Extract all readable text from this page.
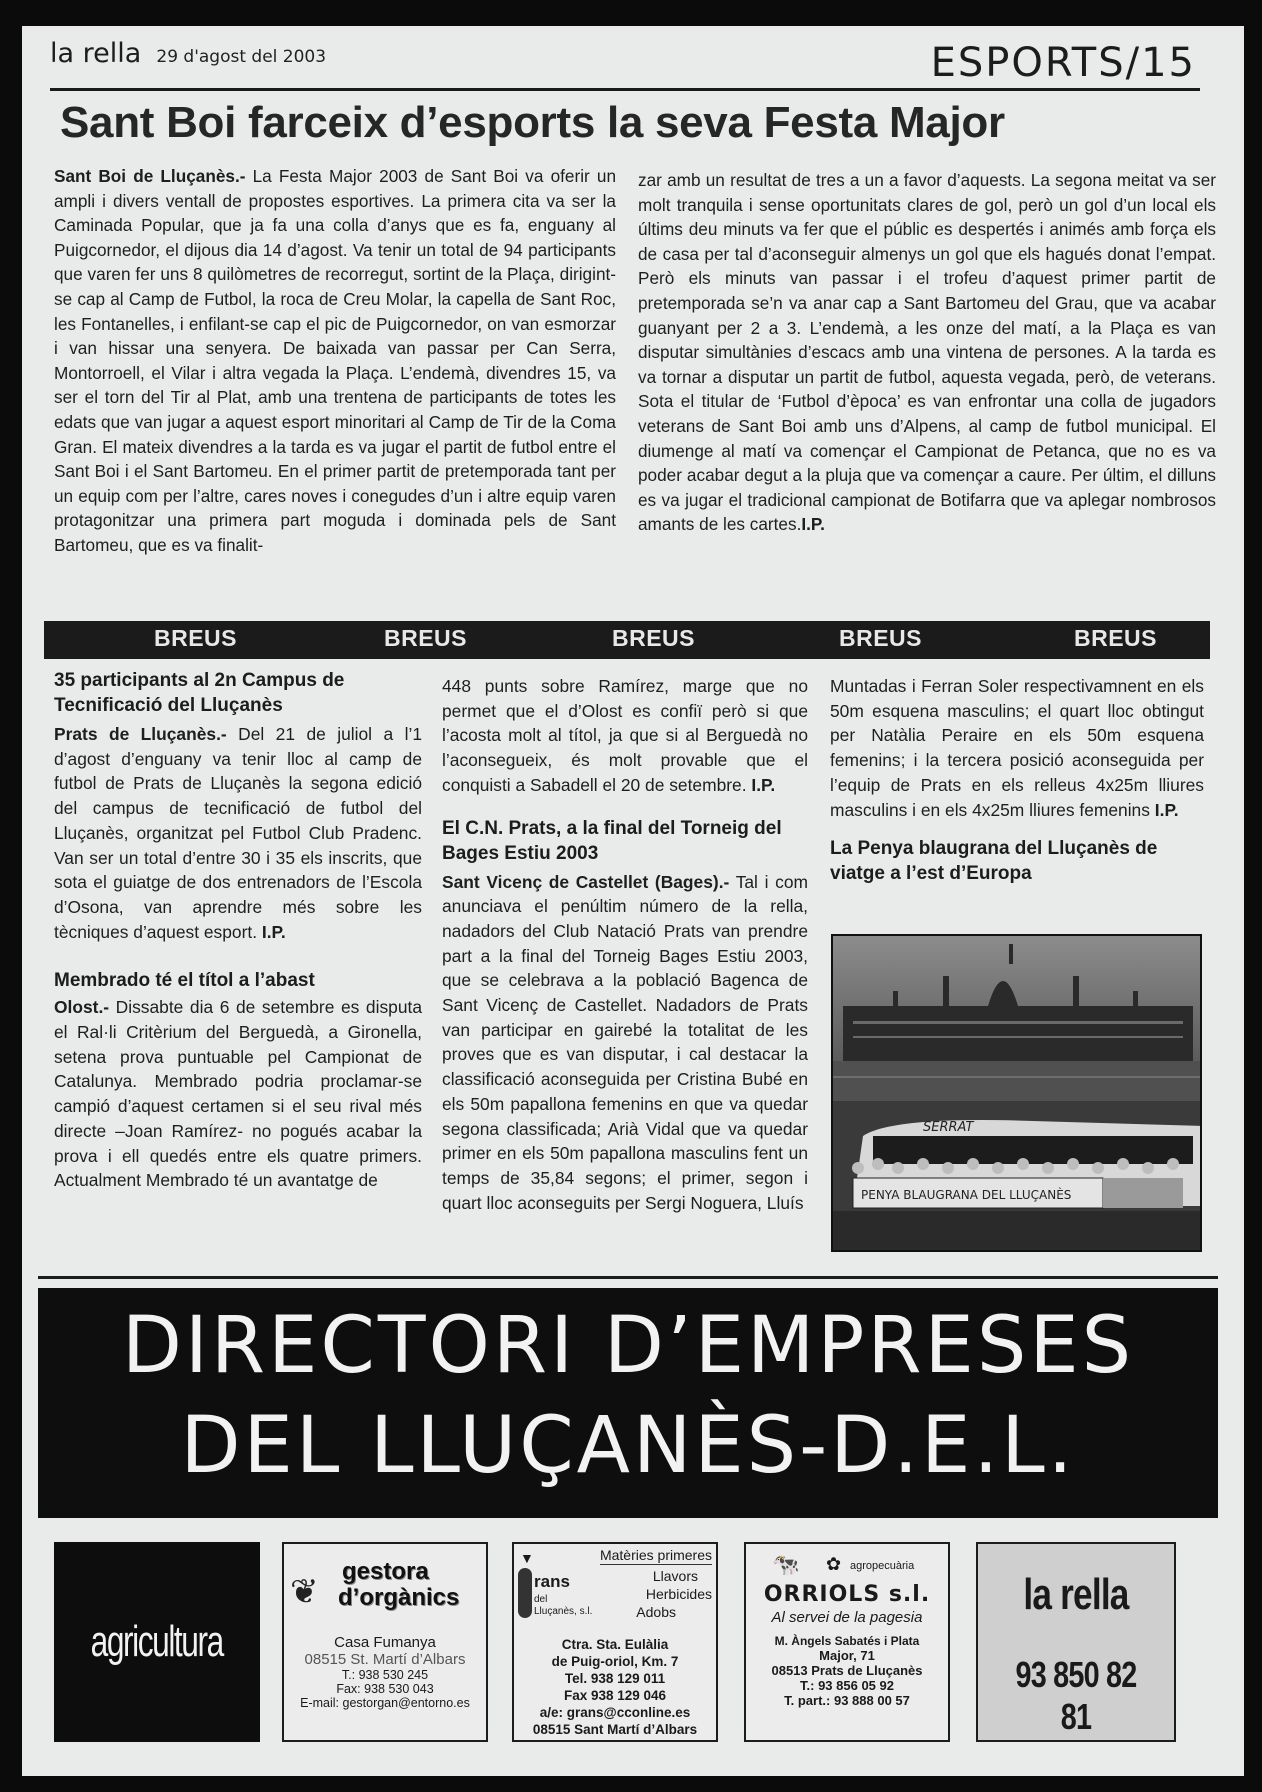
la rella 29 d'agost del 2003	ESPORTS/15
Sant Boi farceix d’esports la seva Festa Major

Sant Boi de Lluçanès.- La Festa Major 2003 de Sant Boi va oferir un ampli i divers ventall de propostes esportives. La primera cita va ser la Caminada Popular, que ja fa una colla d’anys que es fa, enguany al Puigcornedor, el dijous dia 14 d’agost. Va tenir un total de 94 participants que varen fer uns 8 quilòmetres de recorregut, sortint de la Plaça, dirigint-se cap al Camp de Futbol, la roca de Creu Molar, la capella de Sant Roc, les Fontanelles, i enfilant-se cap el pic de Puigcornedor, on van esmorzar i van hissar una senyera. De baixada van passar per Can Serra, Montorroell, el Vilar i altra vegada la Plaça. L’endemà, divendres 15, va ser el torn del Tir al Plat, amb una trentena de participants de totes les edats que van jugar a aquest esport minoritari al Camp de Tir de la Coma Gran. El mateix divendres a la tarda es va jugar el partit de futbol entre el Sant Boi i el Sant Bartomeu. En el primer partit de pretemporada tant per un equip com per l’altre, cares noves i conegudes d’un i altre equip varen protagonitzar una primera part moguda i dominada pels de Sant Bartomeu, que es va finalit-

zar amb un resultat de tres a un a favor d’aquests. La segona meitat va ser molt tranquila i sense oportunitats clares de gol, però un gol d’un local els últims deu minuts va fer que el públic es despertés i animés amb força els de casa per tal d’aconseguir almenys un gol que els hagués donat l’empat. Però els minuts van passar i el trofeu d’aquest primer partit de pretemporada se’n va anar cap a Sant Bartomeu del Grau, que va acabar guanyant per 2 a 3. L’endemà, a les onze del matí, a la Plaça es van disputar simultànies d’escacs amb una vintena de persones. A la tarda es va tornar a disputar un partit de futbol, aquesta vegada, però, de veterans. Sota el titular de ‘Futbol d’època’ es van enfrontar una colla de jugadors veterans de Sant Boi amb uns d’Alpens, al camp de futbol municipal. El diumenge al matí va començar el Campionat de Petanca, que no es va poder acabar degut a la pluja que va començar a caure. Per últim, el dilluns es va jugar el tradicional campionat de Botifarra que va aplegar nombrosos amants de les cartes.I.P.

BREUS	BREUS	BREUS	BREUS	BREUS
35 participants al 2n Campus de Tecnificació del Lluçanès

Prats de Lluçanès.- Del 21 de juliol a l’1 d’agost d’enguany va tenir lloc al camp de futbol de Prats de Lluçanès la segona edició del campus de tecnificació de futbol del Lluçanès, organitzat pel Futbol Club Pradenc. Van ser un total d’entre 30 i 35 els inscrits, que sota el guiatge de dos entrenadors de l’Escola d’Osona, van aprendre més sobre les tècniques d’aquest esport. I.P.

Membrado té el títol a l’abast

Olost.- Dissabte dia 6 de setembre es disputa el Ral·li Critèrium del Berguedà, a Gironella, setena prova puntuable pel Campionat de Catalunya. Membrado podria proclamar-se campió d’aquest certamen si el seu rival més directe –Joan Ramírez- no pogués acabar la prova i ell quedés entre els quatre primers. Actualment Membrado té un avantatge de

448 punts sobre Ramírez, marge que no permet que el d’Olost es confiï però si que l’acosta molt al títol, ja que si al Berguedà no l’aconsegueix, és molt provable que el conquisti a Sabadell el 20 de setembre. I.P.

El C.N. Prats, a la final del Torneig del Bages Estiu 2003

Sant Vicenç de Castellet (Bages).- Tal i com anunciava el penúltim número de la rella, nadadors del Club Natació Prats van prendre part a la final del Torneig Bages Estiu 2003, que se celebrava a la població Bagenca de Sant Vicenç de Castellet. Nadadors de Prats van participar en gairebé la totalitat de les proves que es van disputar, i cal destacar la classificació aconseguida per Cristina Bubé en els 50m papallona femenins en que va quedar segona classificada; Arià Vidal que va quedar primer en els 50m papallona masculins fent un temps de 35,84 segons; el primer, segon i quart lloc aconseguits per Sergi Noguera, Lluís

Muntadas i Ferran Soler respectivamnent en els 50m esquena masculins; el quart lloc obtingut per Natàlia Peraire en els 50m esquena femenins; i la tercera posició aconseguida per l’equip de Prats en els relleus 4x25m lliures masculins i en els 4x25m lliures femenins I.P.

La Penya blaugrana del Lluçanès de viatge a l’est d’Europa
SERRAT
PENYA BLAUGRANA DEL LLUÇANÈS
DIRECTORI D’EMPRESES
DEL LLUÇANÈS-D.E.L.
agricultura
❦
gestora
d’orgànics
Casa Fumanya
08515 St. Martí d’Albars
T.: 938 530 245
Fax: 938 530 043
E-mail: gestorgan@entorno.es
▼
rans
del
Lluçanès, s.l.
Matèries primeres
Llavors
Herbicides
Adobs
Ctra. Sta. Eulàlia
de Puig-oriol, Km. 7
Tel. 938 129 011
Fax 938 129 046
a/e: grans@cconline.es
08515 Sant Martí d’Albars
🐄 ✿ agropecuària
ORRIOLS s.l.
Al servei de la pagesia
M. Àngels Sabatés i Plata
Major, 71
08513 Prats de Lluçanès
T.: 93 856 05 92
T. part.: 93 888 00 57
la rella
93 850 82 81
